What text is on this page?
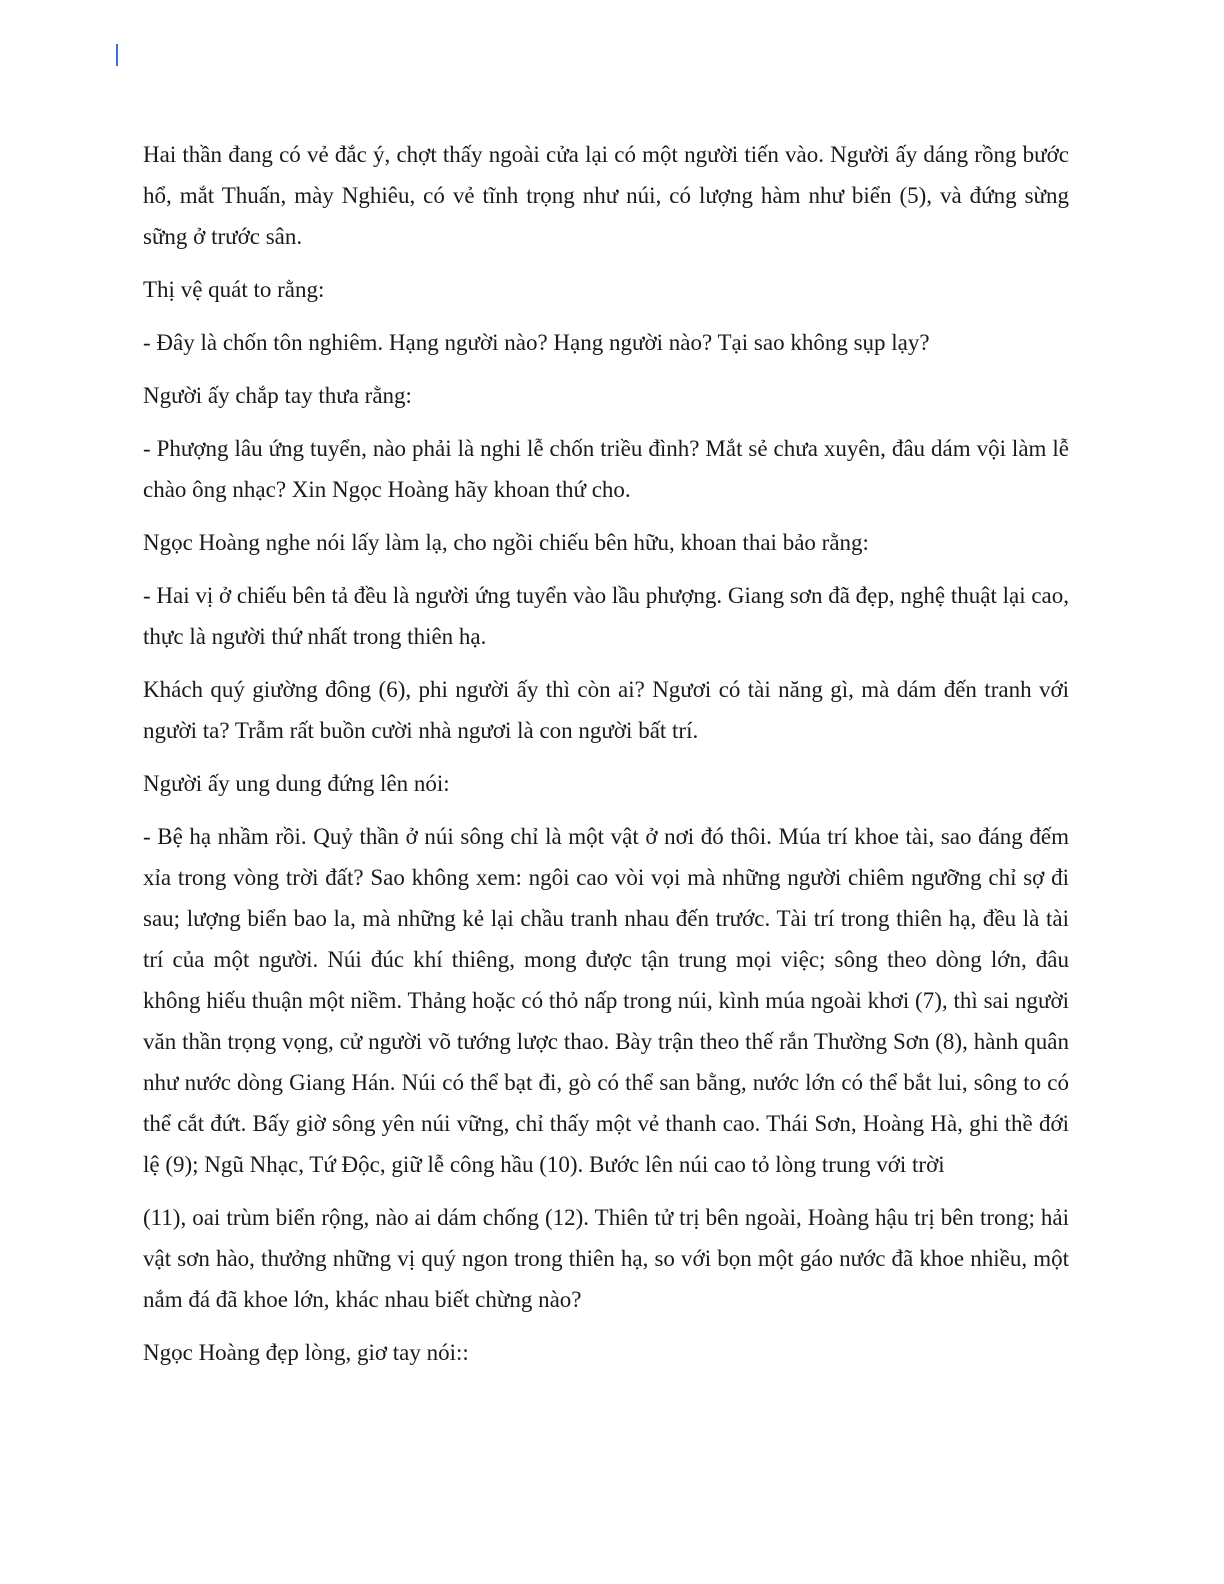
Hai thần đang có vẻ đắc ý, chợt thấy ngoài cửa lại có một người tiến vào. Người ấy dáng rồng bước hổ, mắt Thuấn, mày Nghiêu, có vẻ tĩnh trọng như núi, có lượng hàm như biển (5), và đứng sừng sững ở trước sân.

Thị vệ quát to rằng:

- Đây là chốn tôn nghiêm. Hạng người nào? Hạng người nào? Tại sao không sụp lạy?

Người ấy chắp tay thưa rằng:

- Phượng lâu ứng tuyển, nào phải là nghi lễ chốn triều đình? Mắt sẻ chưa xuyên, đâu dám vội làm lễ chào ông nhạc? Xin Ngọc Hoàng hãy khoan thứ cho.

Ngọc Hoàng nghe nói lấy làm lạ, cho ngồi chiếu bên hữu, khoan thai bảo rằng:

- Hai vị ở chiếu bên tả đều là người ứng tuyển vào lầu phượng. Giang sơn đã đẹp, nghệ thuật lại cao, thực là người thứ nhất trong thiên hạ.

Khách quý giường đông (6), phi người ấy thì còn ai? Ngươi có tài năng gì, mà dám đến tranh với người ta? Trẫm rất buồn cười nhà ngươi là con người bất trí.

Người ấy ung dung đứng lên nói:

- Bệ hạ nhầm rồi. Quỷ thần ở núi sông chỉ là một vật ở nơi đó thôi. Múa trí khoe tài, sao đáng đếm xỉa trong vòng trời đất? Sao không xem: ngôi cao vòi vọi mà những người chiêm ngưỡng chỉ sợ đi sau; lượng biển bao la, mà những kẻ lại chầu tranh nhau đến trước. Tài trí trong thiên hạ, đều là tài trí của một người. Núi đúc khí thiêng, mong được tận trung mọi việc; sông theo dòng lớn, đâu không hiếu thuận một niềm. Thảng hoặc có thỏ nấp trong núi, kình múa ngoài khơi (7), thì sai người văn thần trọng vọng, cử người võ tướng lược thao. Bày trận theo thế rắn Thường Sơn (8), hành quân như nước dòng Giang Hán. Núi có thể bạt đi, gò có thể san bằng, nước lớn có thể bắt lui, sông to có thể cắt đứt. Bấy giờ sông yên núi vững, chỉ thấy một vẻ thanh cao. Thái Sơn, Hoàng Hà, ghi thề đới lệ (9); Ngũ Nhạc, Tứ Độc, giữ lễ công hầu (10). Bước lên núi cao tỏ lòng trung với trời

(11), oai trùm biển rộng, nào ai dám chống (12). Thiên tử trị bên ngoài, Hoàng hậu trị bên trong; hải vật sơn hào, thưởng những vị quý ngon trong thiên hạ, so với bọn một gáo nước đã khoe nhiều, một nắm đá đã khoe lớn, khác nhau biết chừng nào?

Ngọc Hoàng đẹp lòng, giơ tay nói::
